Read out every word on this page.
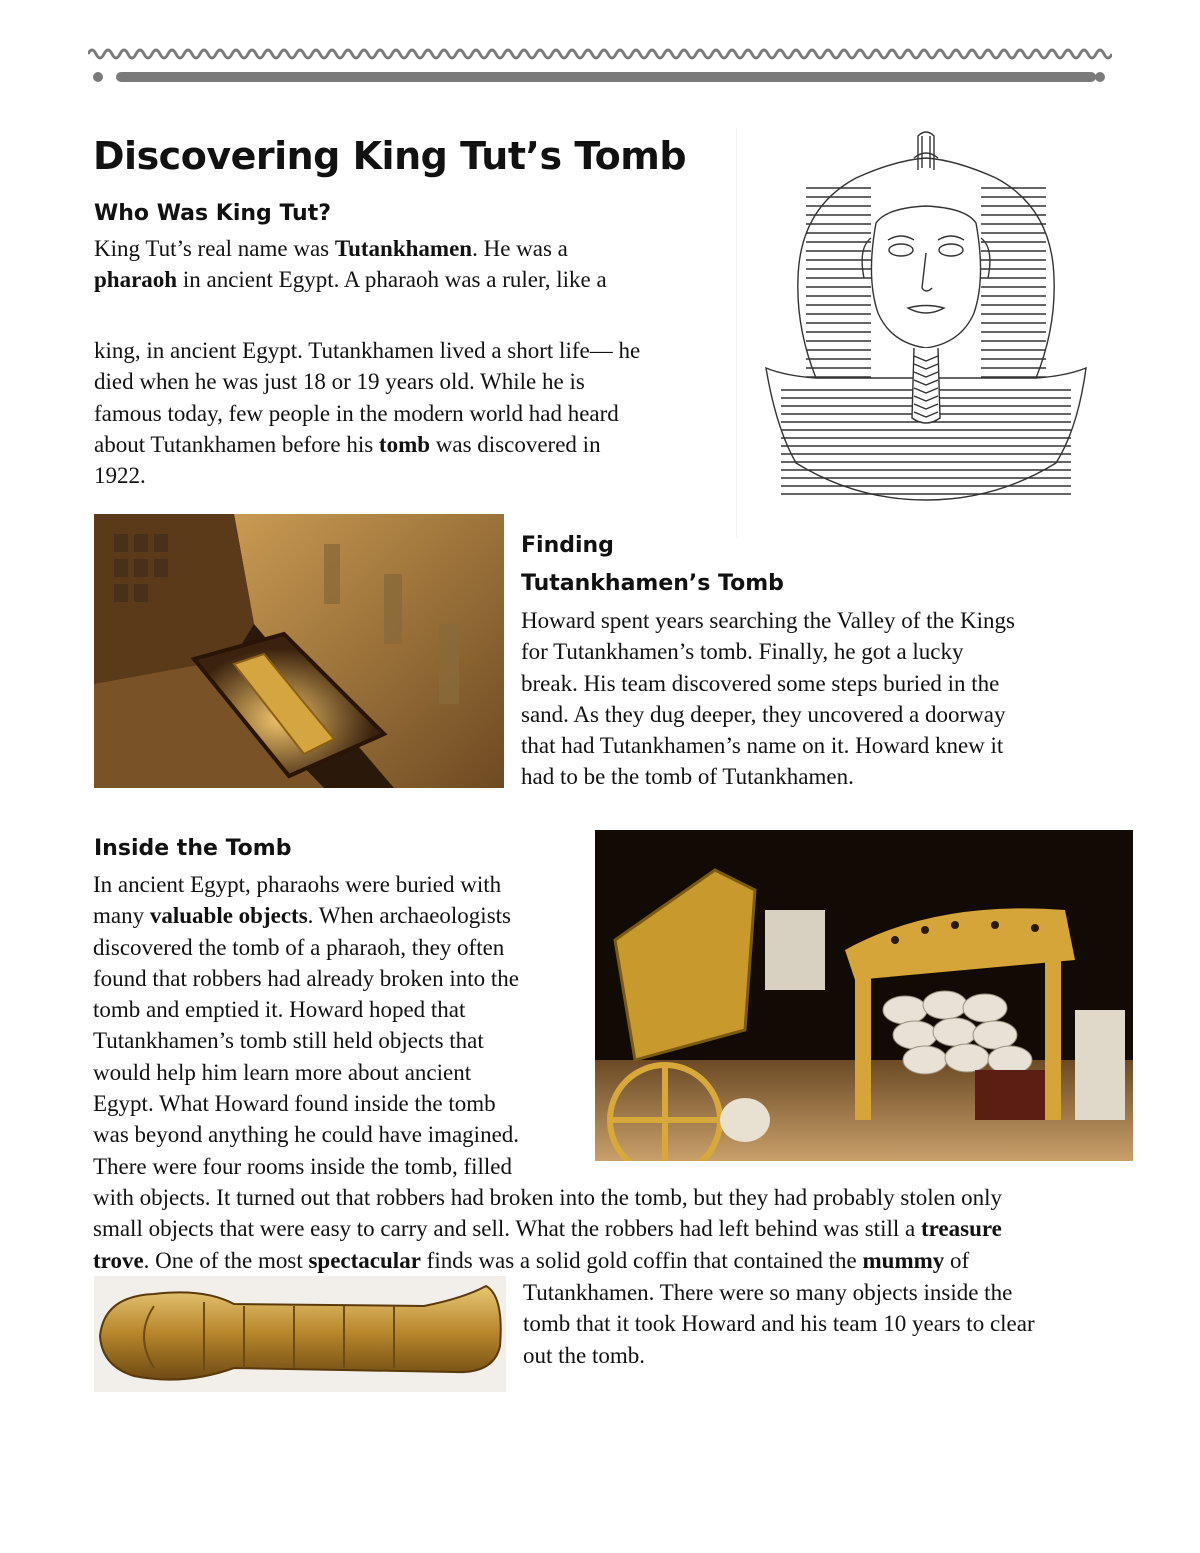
Discovering King Tut’s Tomb
Who Was King Tut?
King Tut’s real name was Tutankhamen. He was a
pharaoh in ancient Egypt. A pharaoh was a ruler, like a
king, in ancient Egypt. Tutankhamen lived a short life— he
died when he was just 18 or 19 years old. While he is
famous today, few people in the modern world had heard
about Tutankhamen before his tomb was discovered in
1922.
Finding
Tutankhamen’s Tomb
Howard spent years searching the Valley of the Kings
for Tutankhamen’s tomb. Finally, he got a lucky
break. His team discovered some steps buried in the
sand. As they dug deeper, they uncovered a doorway
that had Tutankhamen’s name on it. Howard knew it
had to be the tomb of Tutankhamen.
Inside the Tomb
In ancient Egypt, pharaohs were buried with
many valuable objects. When archaeologists
discovered the tomb of a pharaoh, they often
found that robbers had already broken into the
tomb and emptied it. Howard hoped that
Tutankhamen’s tomb still held objects that
would help him learn more about ancient
Egypt. What Howard found inside the tomb
was beyond anything he could have imagined.
There were four rooms inside the tomb, filled
with objects. It turned out that robbers had broken into the tomb, but they had probably stolen only
small objects that were easy to carry and sell. What the robbers had left behind was still a treasure
trove. One of the most spectacular finds was a solid gold coffin that contained the mummy of
Tutankhamen. There were so many objects inside the
tomb that it took Howard and his team 10 years to clear
out the tomb.
